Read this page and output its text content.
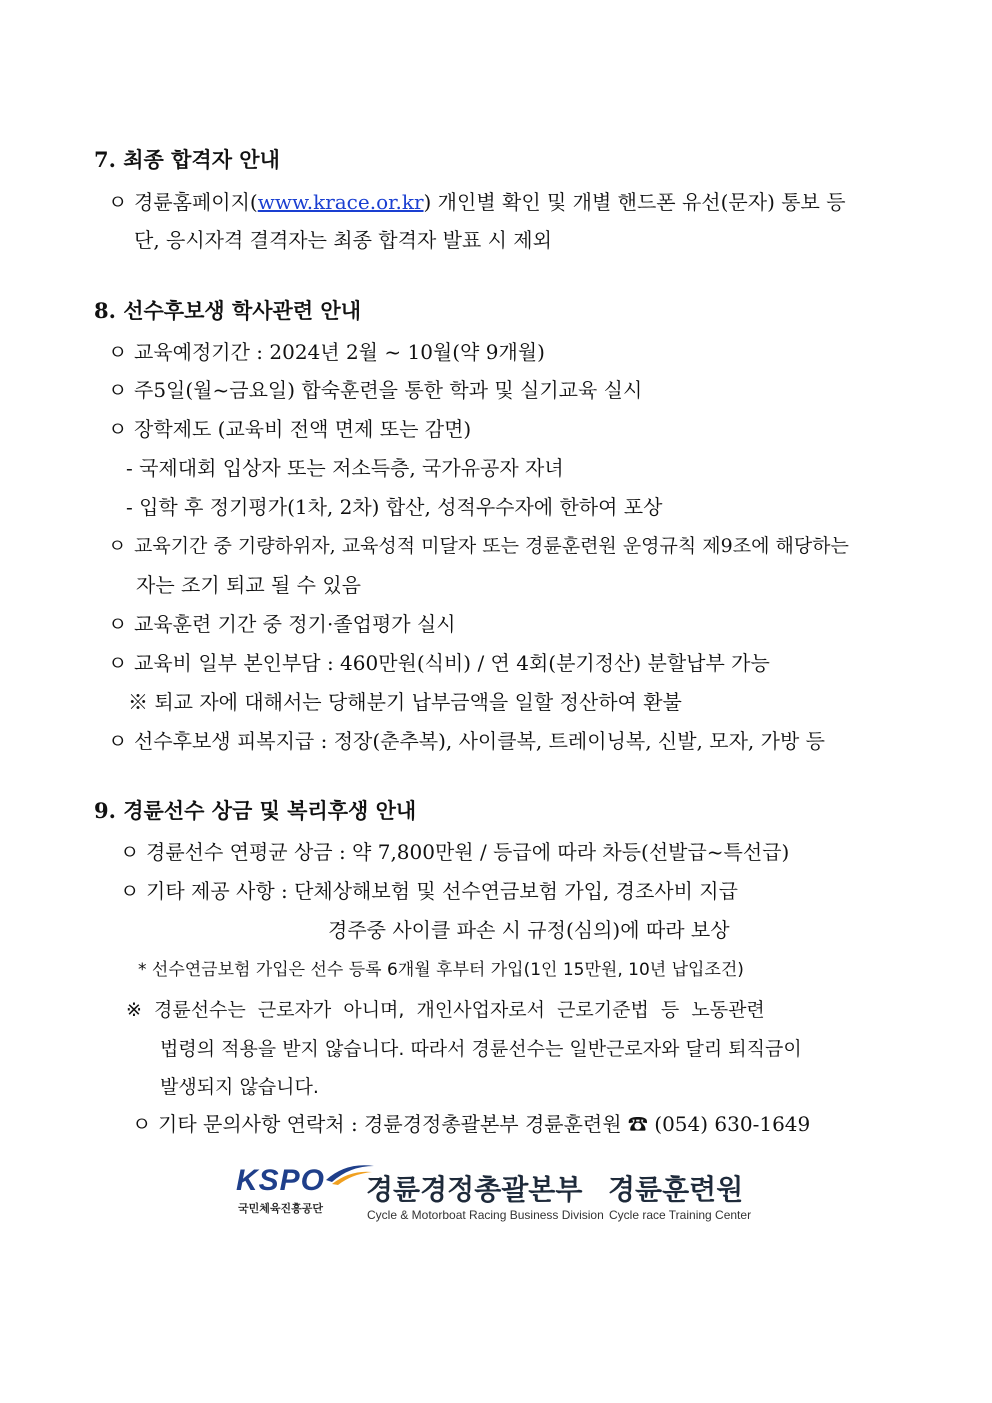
7. 최종 합격자 안내
ㅇ 경륜홈페이지(www.krace.or.kr) 개인별 확인 및 개별 핸드폰 유선(문자) 통보 등
단, 응시자격 결격자는 최종 합격자 발표 시 제외
8. 선수후보생 학사관련 안내
ㅇ 교육예정기간 : 2024년 2월 ~ 10월(약 9개월)
ㅇ 주5일(월~금요일) 합숙훈련을 통한 학과 및 실기교육 실시
ㅇ 장학제도 (교육비 전액 면제 또는 감면)
- 국제대회 입상자 또는 저소득층, 국가유공자 자녀
- 입학 후 정기평가(1차, 2차) 합산, 성적우수자에 한하여 포상
ㅇ 교육기간 중 기량하위자, 교육성적 미달자 또는 경륜훈련원 운영규칙 제9조에 해당하는
자는 조기 퇴교 될 수 있음
ㅇ 교육훈련 기간 중 정기·졸업평가 실시
ㅇ 교육비 일부 본인부담 : 460만원(식비) / 연 4회(분기정산) 분할납부 가능
※ 퇴교 자에 대해서는 당해분기 납부금액을 일할 정산하여 환불
ㅇ 선수후보생 피복지급 : 정장(춘추복), 사이클복, 트레이닝복, 신발, 모자, 가방 등
9. 경륜선수 상금 및 복리후생 안내
ㅇ 경륜선수 연평균 상금 : 약 7,800만원 / 등급에 따라 차등(선발급~특선급)
ㅇ 기타 제공 사항 : 단체상해보험 및 선수연금보험 가입, 경조사비 지급
경주중 사이클 파손 시 규정(심의)에 따라 보상
* 선수연금보험 가입은 선수 등록 6개월 후부터 가입(1인 15만원, 10년 납입조건)
※  경륜선수는  근로자가  아니며,  개인사업자로서  근로기준법  등  노동관련
법령의 적용을 받지 않습니다. 따라서 경륜선수는 일반근로자와 달리 퇴직금이
발생되지 않습니다.
ㅇ 기타 문의사항 연락처 : 경륜경정총괄본부 경륜훈련원 ☎ (054) 630-1649
KSPO
국민체육진흥공단
경륜경정총괄본부
Cycle & Motorboat Racing Business Division
경륜훈련원
Cycle race Training Center
